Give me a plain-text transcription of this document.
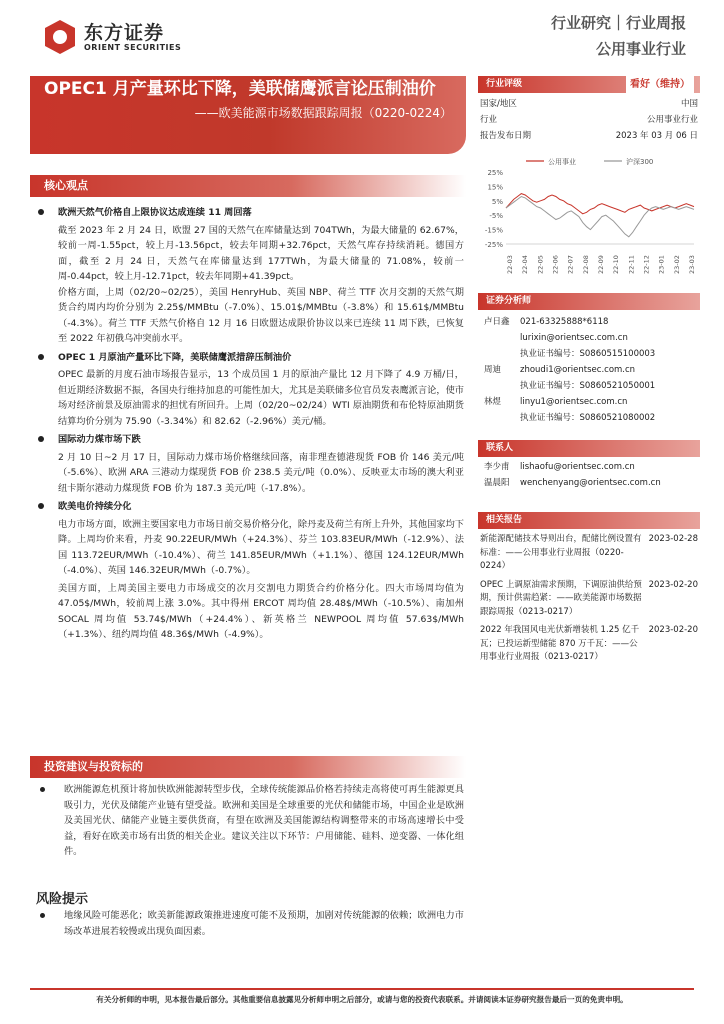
东方证券
ORIENT SECURITIES
行业研究｜行业周报
公用事业行业
OPEC1 月产量环比下降，美联储鹰派言论压制油价
——欧美能源市场数据跟踪周报（0220-0224）
核心观点
欧洲天然气价格自上限协议达成连续 11 周回落

截至 2023 年 2 月 24 日，欧盟 27 国的天然气在库储量达到 704TWh，为最大储量的 62.67%，较前一周-1.55pct，较上月-13.56pct，较去年同期+32.76pct，天然气库存持续消耗。德国方面，截至 2 月 24 日，天然气在库储量达到 177TWh，为最大储量的 71.08%，较前一周-0.44pct，较上月-12.71pct，较去年同期+41.39pct。

价格方面，上周（02/20~02/25），美国 HenryHub、英国 NBP、荷兰 TTF 次月交割的天然气期货合约周内均价分别为 2.25$/MMBtu（-7.0%）、15.01$/MMBtu（-3.8%）和 15.61$/MMBtu（-4.3%）。荷兰 TTF 天然气价格自 12 月 16 日欧盟达成限价协议以来已连续 11 周下跌，已恢复至 2022 年初俄乌冲突前水平。

OPEC 1 月原油产量环比下降，美联储鹰派措辞压制油价

OPEC 最新的月度石油市场报告显示，13 个成员国 1 月的原油产量比 12 月下降了 4.9 万桶/日，但近期经济数据不振，各国央行维持加息的可能性加大，尤其是美联储多位官员发表鹰派言论，使市场对经济前景及原油需求的担忧有所回升。上周（02/20~02/24）WTI 原油期货和布伦特原油期货结算均价分别为 75.90（-3.34%）和 82.62（-2.96%）美元/桶。

国际动力煤市场下跌

2 月 10 日~2 月 17 日，国际动力煤市场价格继续回落，南非理查德港现货 FOB 价 146 美元/吨（-5.6%）、欧洲 ARA 三港动力煤现货 FOB 价 238.5 美元/吨（0.0%）、反映亚太市场的澳大利亚纽卡斯尔港动力煤现货 FOB 价为 187.3 美元/吨（-17.8%）。

欧美电价持续分化

电力市场方面，欧洲主要国家电力市场日前交易价格分化，除丹麦及荷兰有所上升外，其他国家均下降。上周均价来看，丹麦 90.22EUR/MWh（+24.3%）、芬兰 103.83EUR/MWh（-12.9%）、法国 113.72EUR/MWh（-10.4%）、荷兰 141.85EUR/MWh（+1.1%）、德国 124.12EUR/MWh（-4.0%）、英国 146.32EUR/MWh（-0.7%）。

美国方面，上周美国主要电力市场成交的次月交割电力期货合约价格分化。四大市场周均值为 47.05$/MWh，较前周上涨 3.0%。其中得州 ERCOT 周均值 28.48$/MWh（-10.5%）、南加州 SOCAL 周均值 53.74$/MWh（+24.4%）、新英格兰 NEWPOOL 周均值 57.63$/MWh（+1.3%）、纽约周均值 48.36$/MWh（-4.9%）。

投资建议与投资标的

欧洲能源危机预计将加快欧洲能源转型步伐，全球传统能源品价格若持续走高将使可再生能源更具吸引力，光伏及储能产业链有望受益。欧洲和美国是全球重要的光伏和储能市场，中国企业是欧洲及美国光伏、储能产业链主要供货商，有望在欧洲及美国能源结构调整带来的市场高速增长中受益，看好在欧美市场有出货的相关企业。建议关注以下环节：户用储能、硅料、逆变器、一体化组件。

风险提示

地缘风险可能恶化；欧美新能源政策推进速度可能不及预期，加剧对传统能源的依赖；欧洲电力市场改革进展若较慢或出现负面因素。

行业评级	看好（维持）
国家/地区	中国
行业	公用事业行业
报告发布日期	2023 年 03 月 06 日
公用事业	沪深300
25%
15%
5%
-5%
-15%
-25%
22-03 22-04 22-05 22-06 22-07 22-08 22-09 22-10 22-11 22-12 23-01 23-02 23-03
证券分析师
卢日鑫	021-63325888*6118
lurixin@orientsec.com.cn
执业证书编号：S0860515100003
周迪	zhoudi1@orientsec.com.cn
执业证书编号：S0860521050001
林煜	linyu1@orientsec.com.cn
执业证书编号：S0860521080002
联系人
李少甫	lishaofu@orientsec.com.cn
温晨阳	wenchenyang@orientsec.com.cn
相关报告
新能源配储技术导则出台，配储比例设置有标准：——公用事业行业周报（0220-0224）
2023-02-28
OPEC 上调原油需求预期，下调原油供给预期，预计供需趋紧：——欧美能源市场数据跟踪周报（0213-0217）
2023-02-20
2022 年我国风电光伏新增装机 1.25 亿千瓦；已投运新型储能 870 万千瓦：——公用事业行业周报（0213-0217）
2023-02-20
有关分析师的申明，见本报告最后部分。其他重要信息披露见分析师申明之后部分，或请与您的投资代表联系。并请阅读本证券研究报告最后一页的免责申明。
